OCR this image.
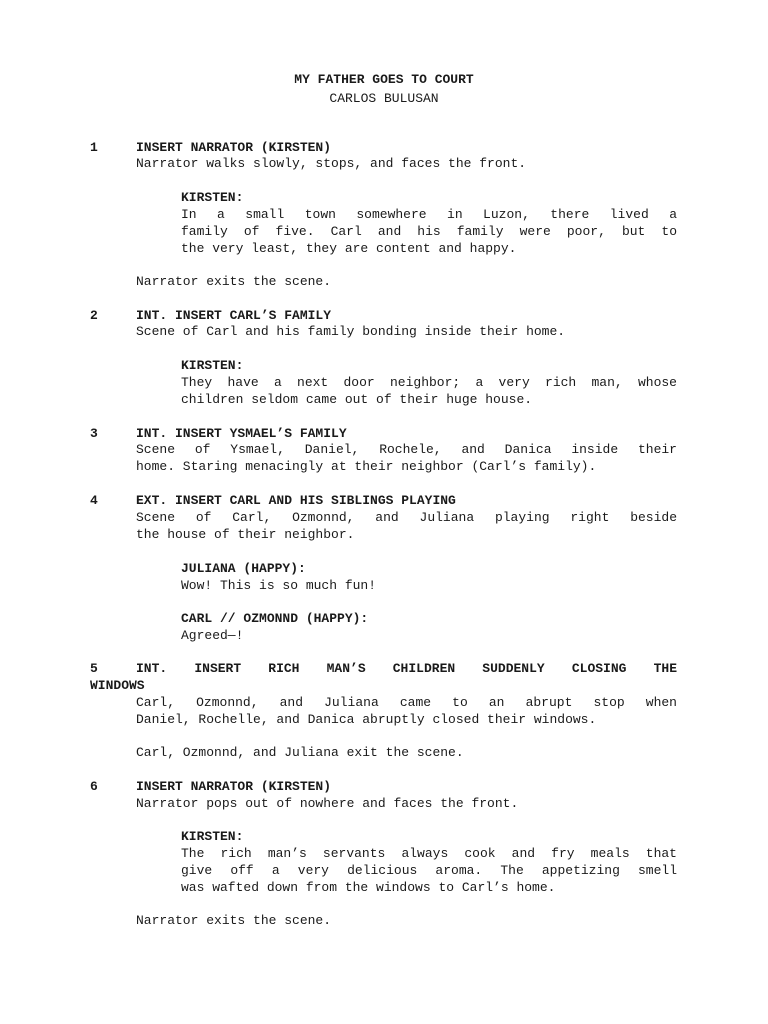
MY FATHER GOES TO COURT
CARLOS BULUSAN
1	INSERT NARRATOR (KIRSTEN)
Narrator walks slowly, stops, and faces the front.
KIRSTEN:
In a small town somewhere in Luzon, there lived a
family of five. Carl and his family were poor, but to
the very least, they are content and happy.
Narrator exits the scene.
2	INT. INSERT CARL’S FAMILY
Scene of Carl and his family bonding inside their home.
KIRSTEN:
They have a next door neighbor; a very rich man, whose
children seldom came out of their huge house.
3	INT. INSERT YSMAEL’S FAMILY
Scene of Ysmael, Daniel, Rochele, and Danica inside their
home. Staring menacingly at their neighbor (Carl’s family).
4	EXT. INSERT CARL AND HIS SIBLINGS PLAYING
Scene of Carl, Ozmonnd, and Juliana playing right beside
the house of their neighbor.
JULIANA (HAPPY):
Wow! This is so much fun!
CARL // OZMONND (HAPPY):
Agreed—!
5	INT. INSERT RICH MAN’S CHILDREN SUDDENLY CLOSING THE
WINDOWS
Carl, Ozmonnd, and Juliana came to an abrupt stop when
Daniel, Rochelle, and Danica abruptly closed their windows.
Carl, Ozmonnd, and Juliana exit the scene.
6	INSERT NARRATOR (KIRSTEN)
Narrator pops out of nowhere and faces the front.
KIRSTEN:
The rich man’s servants always cook and fry meals that
give off a very delicious aroma. The appetizing smell
was wafted down from the windows to Carl’s home.
Narrator exits the scene.
